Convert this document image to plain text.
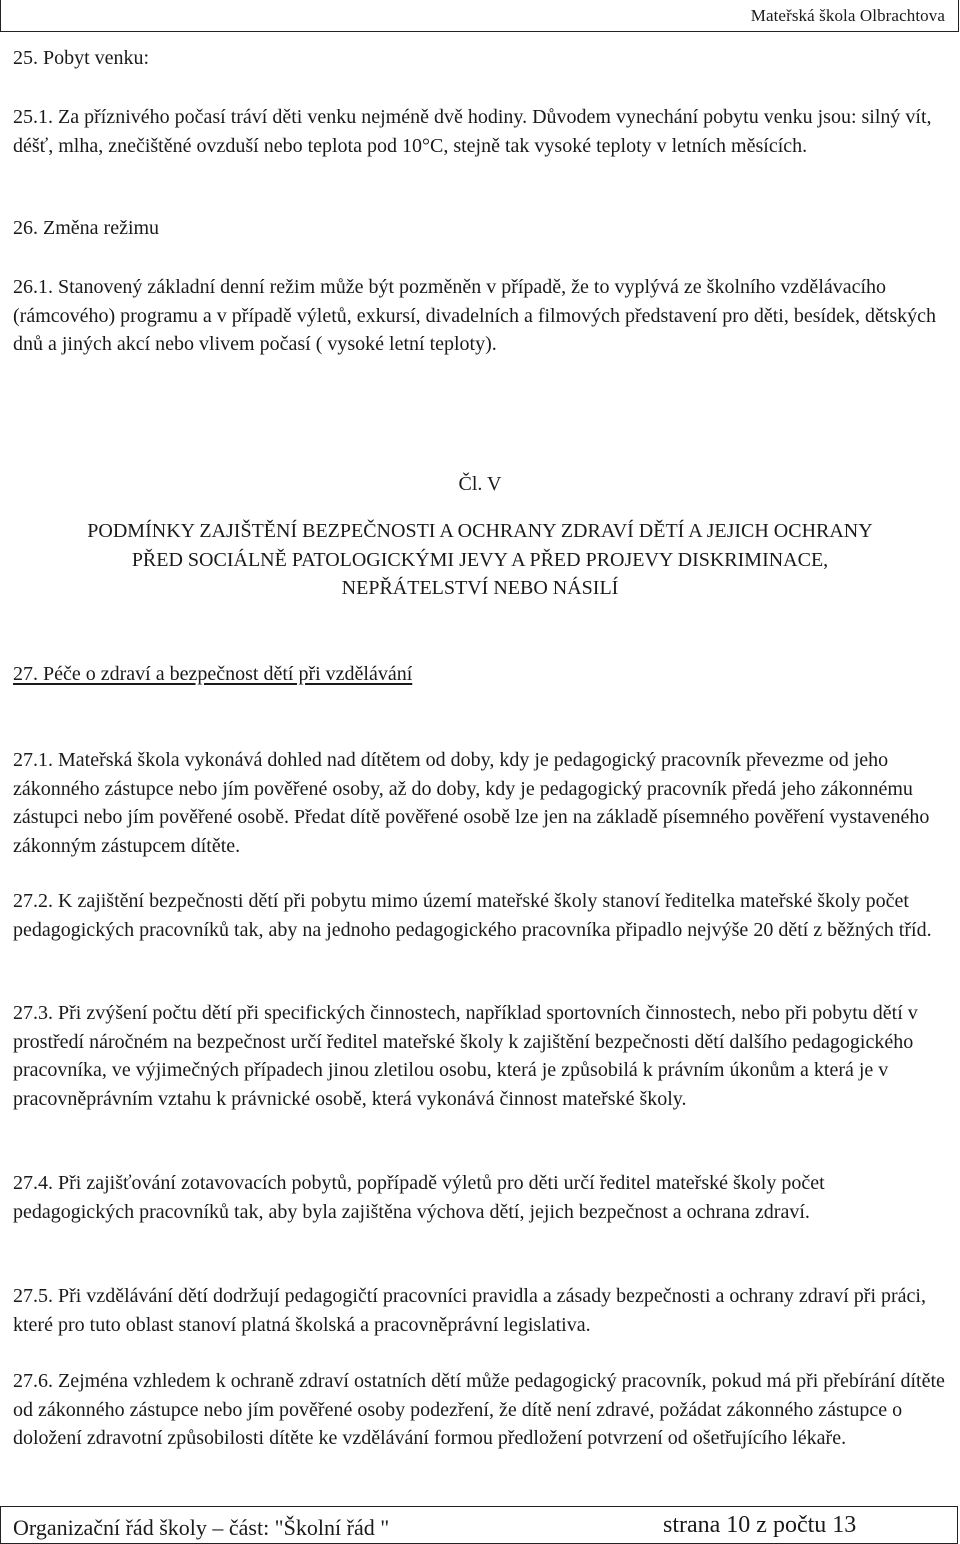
Mateřská škola Olbrachtova
25. Pobyt venku:

25.1. Za příznivého počasí tráví děti venku nejméně dvě hodiny. Důvodem vynechání pobytu venku jsou: silný vít, déšť, mlha, znečištěné ovzduší nebo teplota pod 10°C, stejně tak vysoké teploty v letních měsících.

26. Změna režimu

26.1. Stanovený základní denní režim může být pozměněn v případě, že to vyplývá ze školního vzdělávacího (rámcového) programu a v případě výletů, exkursí, divadelních a filmových představení pro děti, besídek, dětských dnů a jiných akcí nebo vlivem počasí ( vysoké letní teploty).

Čl. V

PODMÍNKY ZAJIŠTĚNÍ BEZPEČNOSTI A OCHRANY ZDRAVÍ DĚTÍ A JEJICH OCHRANY PŘED SOCIÁLNĚ PATOLOGICKÝMI JEVY A PŘED PROJEVY DISKRIMINACE, NEPŘÁTELSTVÍ NEBO NÁSILÍ

27. Péče o zdraví a bezpečnost dětí při vzdělávání

27.1. Mateřská škola vykonává dohled nad dítětem od doby, kdy je pedagogický pracovník převezme od jeho zákonného zástupce nebo jím pověřené osoby, až do doby, kdy je pedagogický pracovník předá jeho zákonnému zástupci nebo jím pověřené osobě. Předat dítě pověřené osobě lze jen na základě písemného pověření vystaveného zákonným zástupcem dítěte.

27.2. K zajištění bezpečnosti dětí při pobytu mimo území mateřské školy stanoví ředitelka mateřské školy počet pedagogických pracovníků tak, aby na jednoho pedagogického pracovníka připadlo nejvýše 20 dětí z běžných tříd.

27.3. Při zvýšení počtu dětí při specifických činnostech, například sportovních činnostech, nebo při pobytu dětí v prostředí náročném na bezpečnost určí ředitel mateřské školy k zajištění bezpečnosti dětí dalšího pedagogického pracovníka, ve výjimečných případech jinou zletilou osobu, která je způsobilá k právním úkonům a která je v pracovněprávním vztahu k právnické osobě, která vykonává činnost mateřské školy.

27.4. Při zajišťování zotavovacích pobytů, popřípadě výletů pro děti určí ředitel mateřské školy počet pedagogických pracovníků tak, aby byla zajištěna výchova dětí, jejich bezpečnost a ochrana zdraví.

27.5. Při vzdělávání dětí dodržují pedagogičtí pracovníci pravidla a zásady bezpečnosti a ochrany zdraví při práci, které pro tuto oblast stanoví platná školská a pracovněprávní legislativa.

27.6. Zejména vzhledem k ochraně zdraví ostatních dětí může pedagogický pracovník, pokud má při přebírání dítěte od zákonného zástupce nebo jím pověřené osoby podezření, že dítě není zdravé, požádat zákonného zástupce o doložení zdravotní způsobilosti dítěte ke vzdělávání formou předložení potvrzení od ošetřujícího lékaře.

Organizační řád školy – část: "Školní řád "	strana 10 z počtu 13
